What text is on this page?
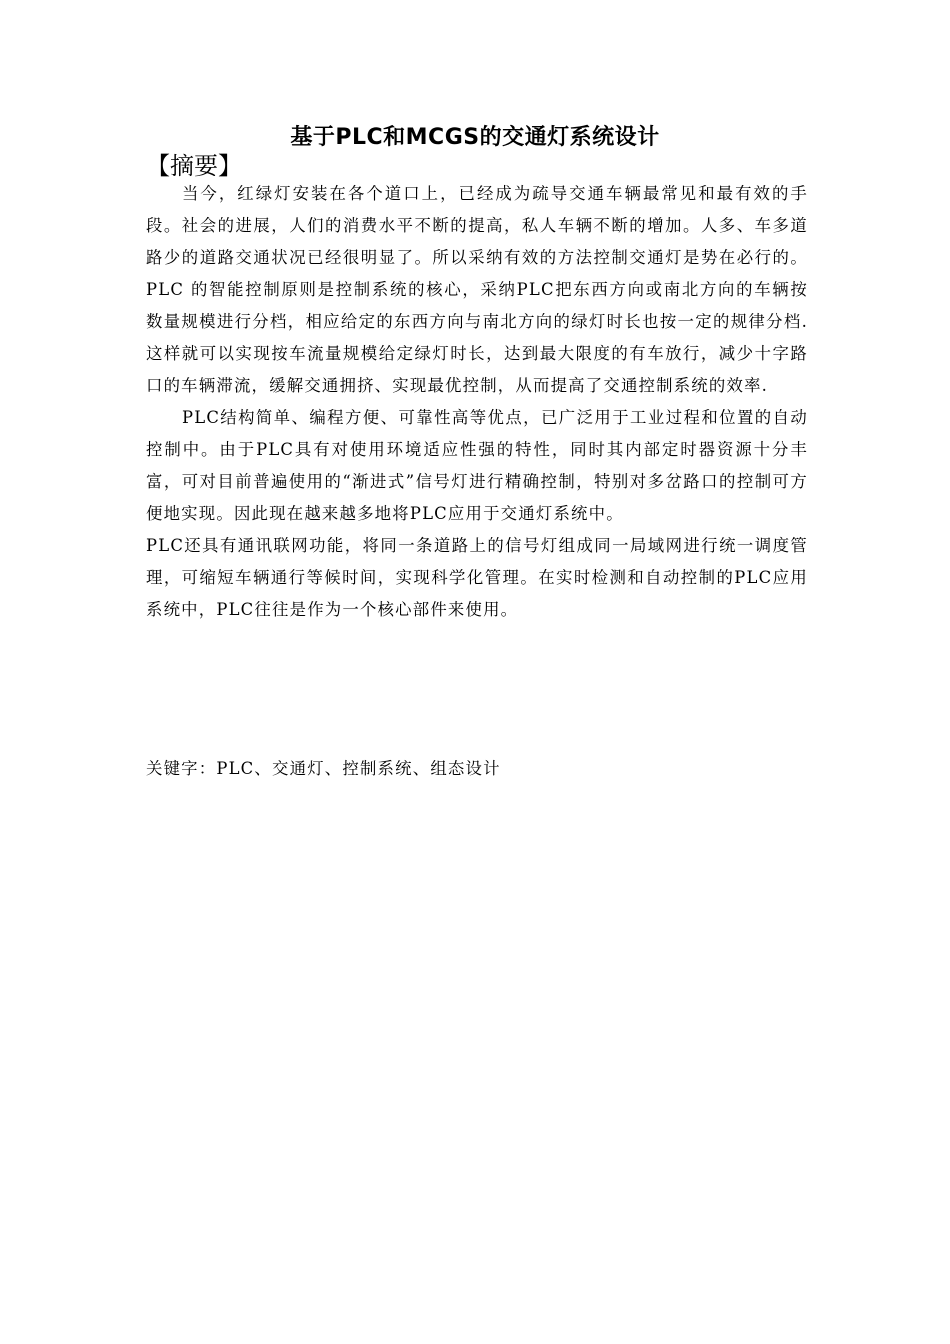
基于PLC和MCGS的交通灯系统设计
【摘要】

当今，红绿灯安装在各个道口上，已经成为疏导交通车辆最常见和最有效的手段。社会的进展，人们的消费水平不断的提高，私人车辆不断的增加。人多、车多道路少的道路交通状况已经很明显了。所以采纳有效的方法控制交通灯是势在必行的。PLC 的智能控制原则是控制系统的核心，采纳PLC把东西方向或南北方向的车辆按数量规模进行分档，相应给定的东西方向与南北方向的绿灯时长也按一定的规律分档. 这样就可以实现按车流量规模给定绿灯时长，达到最大限度的有车放行，减少十字路口的车辆滞流，缓解交通拥挤、实现最优控制，从而提高了交通控制系统的效率.

PLC结构简单、编程方便、可靠性高等优点，已广泛用于工业过程和位置的自动控制中。由于PLC具有对使用环境适应性强的特性，同时其内部定时器资源十分丰富，可对目前普遍使用的“渐进式”信号灯进行精确控制，特别对多岔路口的控制可方便地实现。因此现在越来越多地将PLC应用于交通灯系统中。

PLC还具有通讯联网功能，将同一条道路上的信号灯组成同一局域网进行统一调度管理，可缩短车辆通行等候时间，实现科学化管理。在实时检测和自动控制的PLC应用系统中，PLC往往是作为一个核心部件来使用。

关键字：PLC、交通灯、控制系统、组态设计
